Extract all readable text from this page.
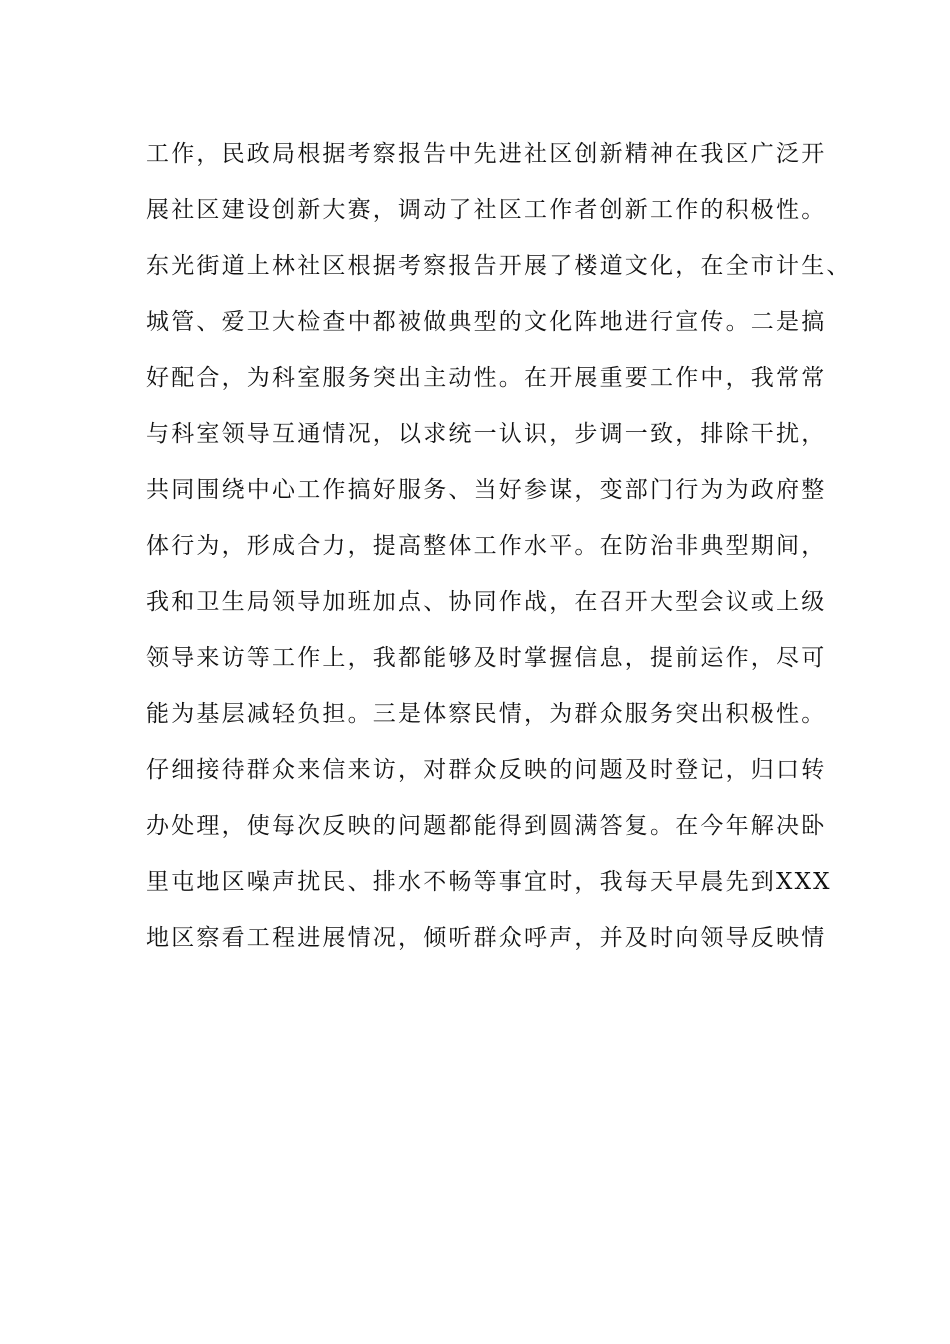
工作，民政局根据考察报告中先进社区创新精神在我区广泛开
展社区建设创新大赛，调动了社区工作者创新工作的积极性。
东光街道上林社区根据考察报告开展了楼道文化，在全市计生、
城管、爱卫大检查中都被做典型的文化阵地进行宣传。二是搞
好配合，为科室服务突出主动性。在开展重要工作中，我常常
与科室领导互通情况，以求统一认识，步调一致，排除干扰，
共同围绕中心工作搞好服务、当好参谋，变部门行为为政府整
体行为，形成合力，提高整体工作水平。在防治非典型期间，
我和卫生局领导加班加点、协同作战，在召开大型会议或上级
领导来访等工作上，我都能够及时掌握信息，提前运作，尽可
能为基层减轻负担。三是体察民情，为群众服务突出积极性。
仔细接待群众来信来访，对群众反映的问题及时登记，归口转
办处理，使每次反映的问题都能得到圆满答复。在今年解决卧
里屯地区噪声扰民、排水不畅等事宜时，我每天早晨先到XXX
地区察看工程进展情况，倾听群众呼声，并及时向领导反映情
